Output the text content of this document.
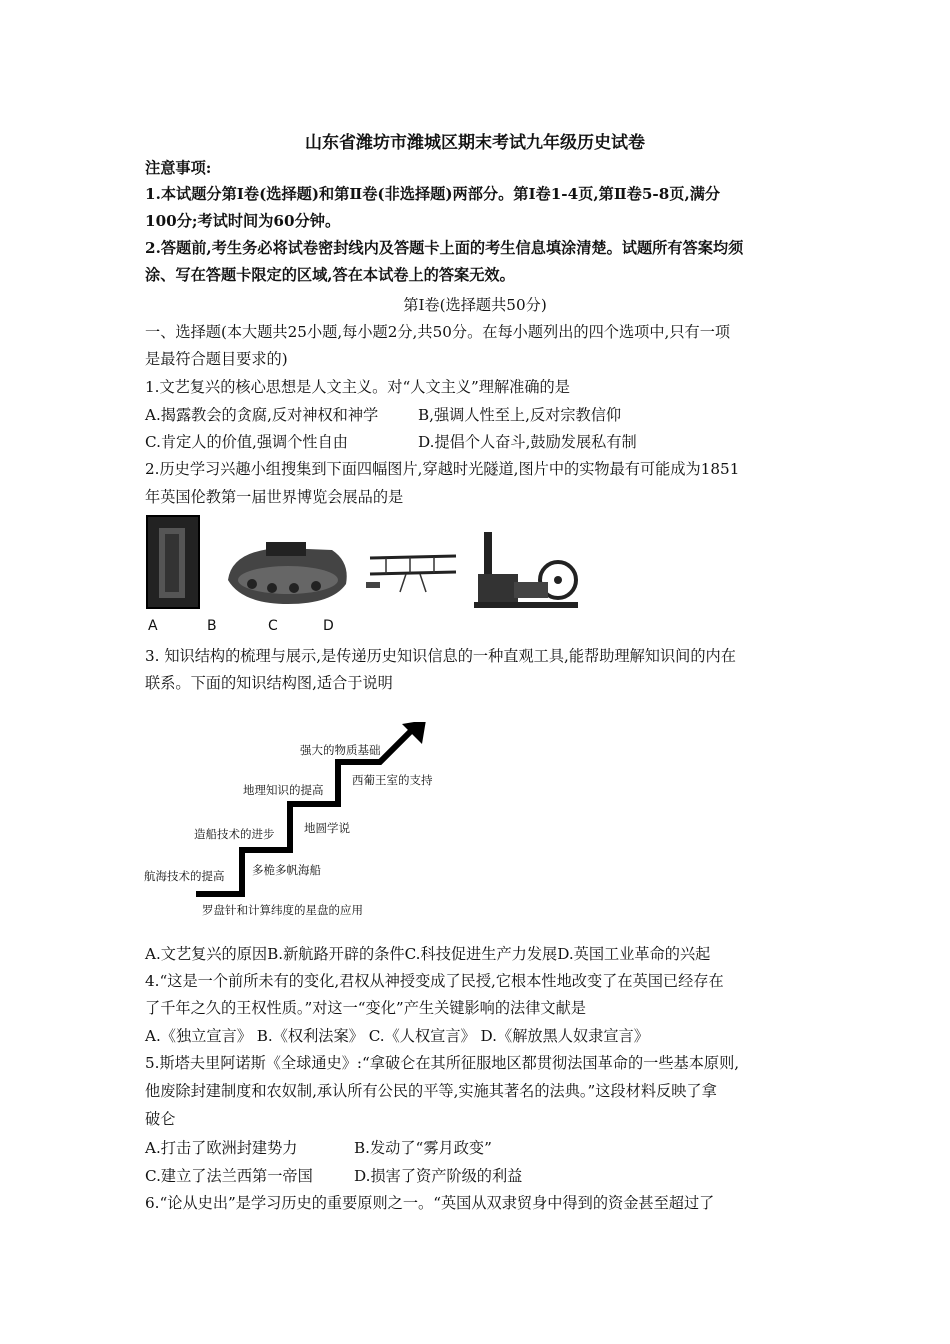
山东省潍坊市潍城区期末考试九年级历史试卷
注意事项:
1.本试题分第Ⅰ卷(选择题)和第Ⅱ卷(非选择题)两部分。第Ⅰ卷1-4页,第Ⅱ卷5-8页,满分
100分;考试时间为60分钟。
2.答题前,考生务必将试卷密封线内及答题卡上面的考生信息填涂清楚。试题所有答案均须
涂、写在答题卡限定的区域,答在本试卷上的答案无效。
第Ⅰ卷(选择题共50分)
一、选择题(本大题共25小题,每小题2分,共50分。在每小题列出的四个选项中,只有一项
是最符合题目要求的)
1.文艺复兴的核心思想是人文主义。对“人文主义”理解准确的是
A.揭露教会的贪腐,反对神权和神学	B,强调人性至上,反对宗教信仰
C.肯定人的价值,强调个性自由	D.提倡个人奋斗,鼓励发展私有制
2.历史学习兴趣小组搜集到下面四幅图片,穿越时光隧道,图片中的实物最有可能成为1851
年英国伦教第一届世界博览会展品的是
A	B	C	D
3. 知识结构的梳理与展示,是传递历史知识信息的一种直观工具,能帮助理解知识间的内在
联系。下面的知识结构图,适合于说明
航海技术的提高
造船技术的进步
地理知识的提高
强大的物质基础
罗盘针和计算纬度的星盘的应用
多桅多帆海船
地圆学说
西葡王室的支持
A.文艺复兴的原因B.新航路开辟的条件C.科技促进生产力发展D.英国工业革命的兴起
4.“这是一个前所未有的变化,君权从神授变成了民授,它根本性地改变了在英国已经存在
了千年之久的王权性质。”对这一“变化”产生关键影响的法律文献是
A.《独立宣言》 B.《权利法案》 C.《人权宣言》 D.《解放黑人奴隶宣言》
5.斯塔夫里阿诺斯《全球通史》:“拿破仑在其所征服地区都贯彻法国革命的一些基本原则,
他废除封建制度和农奴制,承认所有公民的平等,实施其著名的法典。”这段材料反映了拿
破仑
A.打击了欧洲封建势力	B.发动了“雾月政变”
C.建立了法兰西第一帝国	D.损害了资产阶级的利益
6.“论从史出”是学习历史的重要原则之一。“英国从双隶贸身中得到的资金甚至超过了
